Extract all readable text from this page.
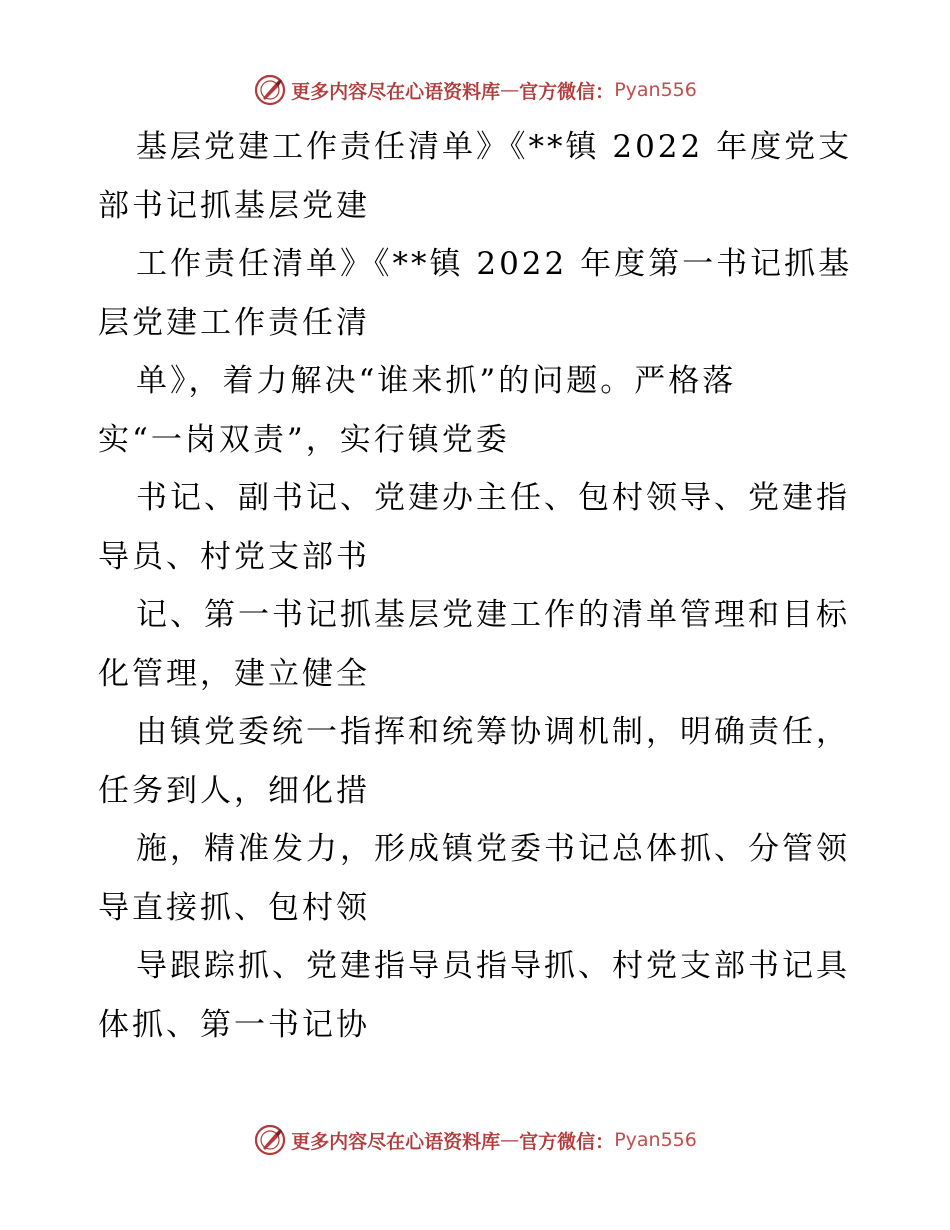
更多内容尽在心语资料库 — 官方微信： Pyan556
基层党建工作责任清单》《**镇 2022 年度党支
部书记抓基层党建
工作责任清单》《**镇 2022 年度第一书记抓基
层党建工作责任清
单》，着力解决“谁来抓”的问题。严格落
实“一岗双责”，实行镇党委
书记、副书记、党建办主任、包村领导、党建指
导员、村党支部书
记、第一书记抓基层党建工作的清单管理和目标
化管理，建立健全
由镇党委统一指挥和统筹协调机制，明确责任，
任务到人，细化措
施，精准发力，形成镇党委书记总体抓、分管领
导直接抓、包村领
导跟踪抓、党建指导员指导抓、村党支部书记具
体抓、第一书记协
更多内容尽在心语资料库 — 官方微信： Pyan556
